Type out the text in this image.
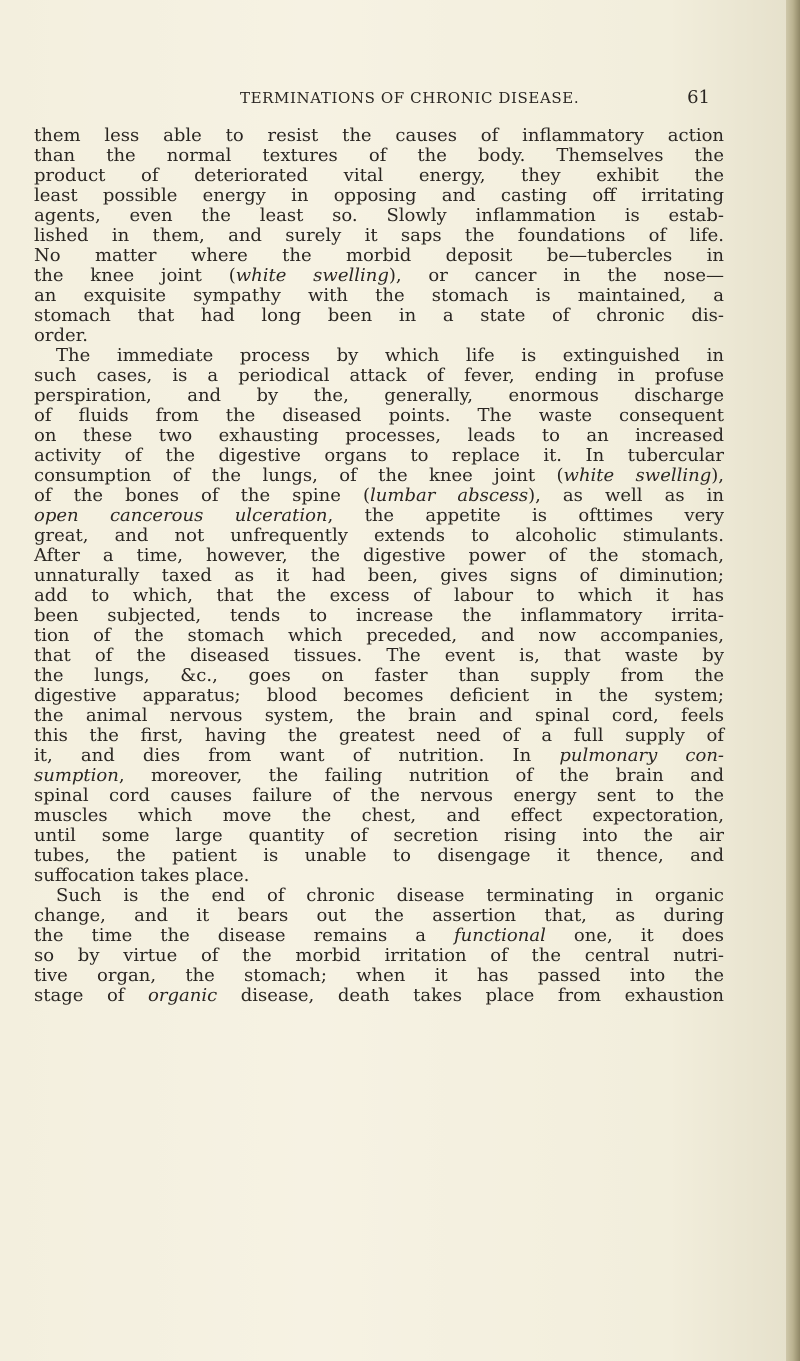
TERMINATIONS OF CHRONIC DISEASE.	61
them less able to resist the causes of inflammatory action
than the normal textures of the body. Themselves the
product of deteriorated vital energy, they exhibit the
least possible energy in opposing and casting off irritating
agents, even the least so. Slowly inflammation is estab-
lished in them, and surely it saps the foundations of life.
No matter where the morbid deposit be—tubercles in
the knee joint (white swelling), or cancer in the nose—
an exquisite sympathy with the stomach is maintained, a
stomach that had long been in a state of chronic dis-
order.
The immediate process by which life is extinguished in
such cases, is a periodical attack of fever, ending in profuse
perspiration, and by the, generally, enormous discharge
of fluids from the diseased points. The waste consequent
on these two exhausting processes, leads to an increased
activity of the digestive organs to replace it. In tubercular
consumption of the lungs, of the knee joint (white swelling),
of the bones of the spine (lumbar abscess), as well as in
open cancerous ulceration, the appetite is ofttimes very
great, and not unfrequently extends to alcoholic stimulants.
After a time, however, the digestive power of the stomach,
unnaturally taxed as it had been, gives signs of diminution;
add to which, that the excess of labour to which it has
been subjected, tends to increase the inflammatory irrita-
tion of the stomach which preceded, and now accompanies,
that of the diseased tissues. The event is, that waste by
the lungs, &c., goes on faster than supply from the
digestive apparatus; blood becomes deficient in the system;
the animal nervous system, the brain and spinal cord, feels
this the first, having the greatest need of a full supply of
it, and dies from want of nutrition. In pulmonary con-
sumption, moreover, the failing nutrition of the brain and
spinal cord causes failure of the nervous energy sent to the
muscles which move the chest, and effect expectoration,
until some large quantity of secretion rising into the air
tubes, the patient is unable to disengage it thence, and
suffocation takes place.
Such is the end of chronic disease terminating in organic
change, and it bears out the assertion that, as during
the time the disease remains a functional one, it does
so by virtue of the morbid irritation of the central nutri-
tive organ, the stomach; when it has passed into the
stage of organic disease, death takes place from exhaustion
